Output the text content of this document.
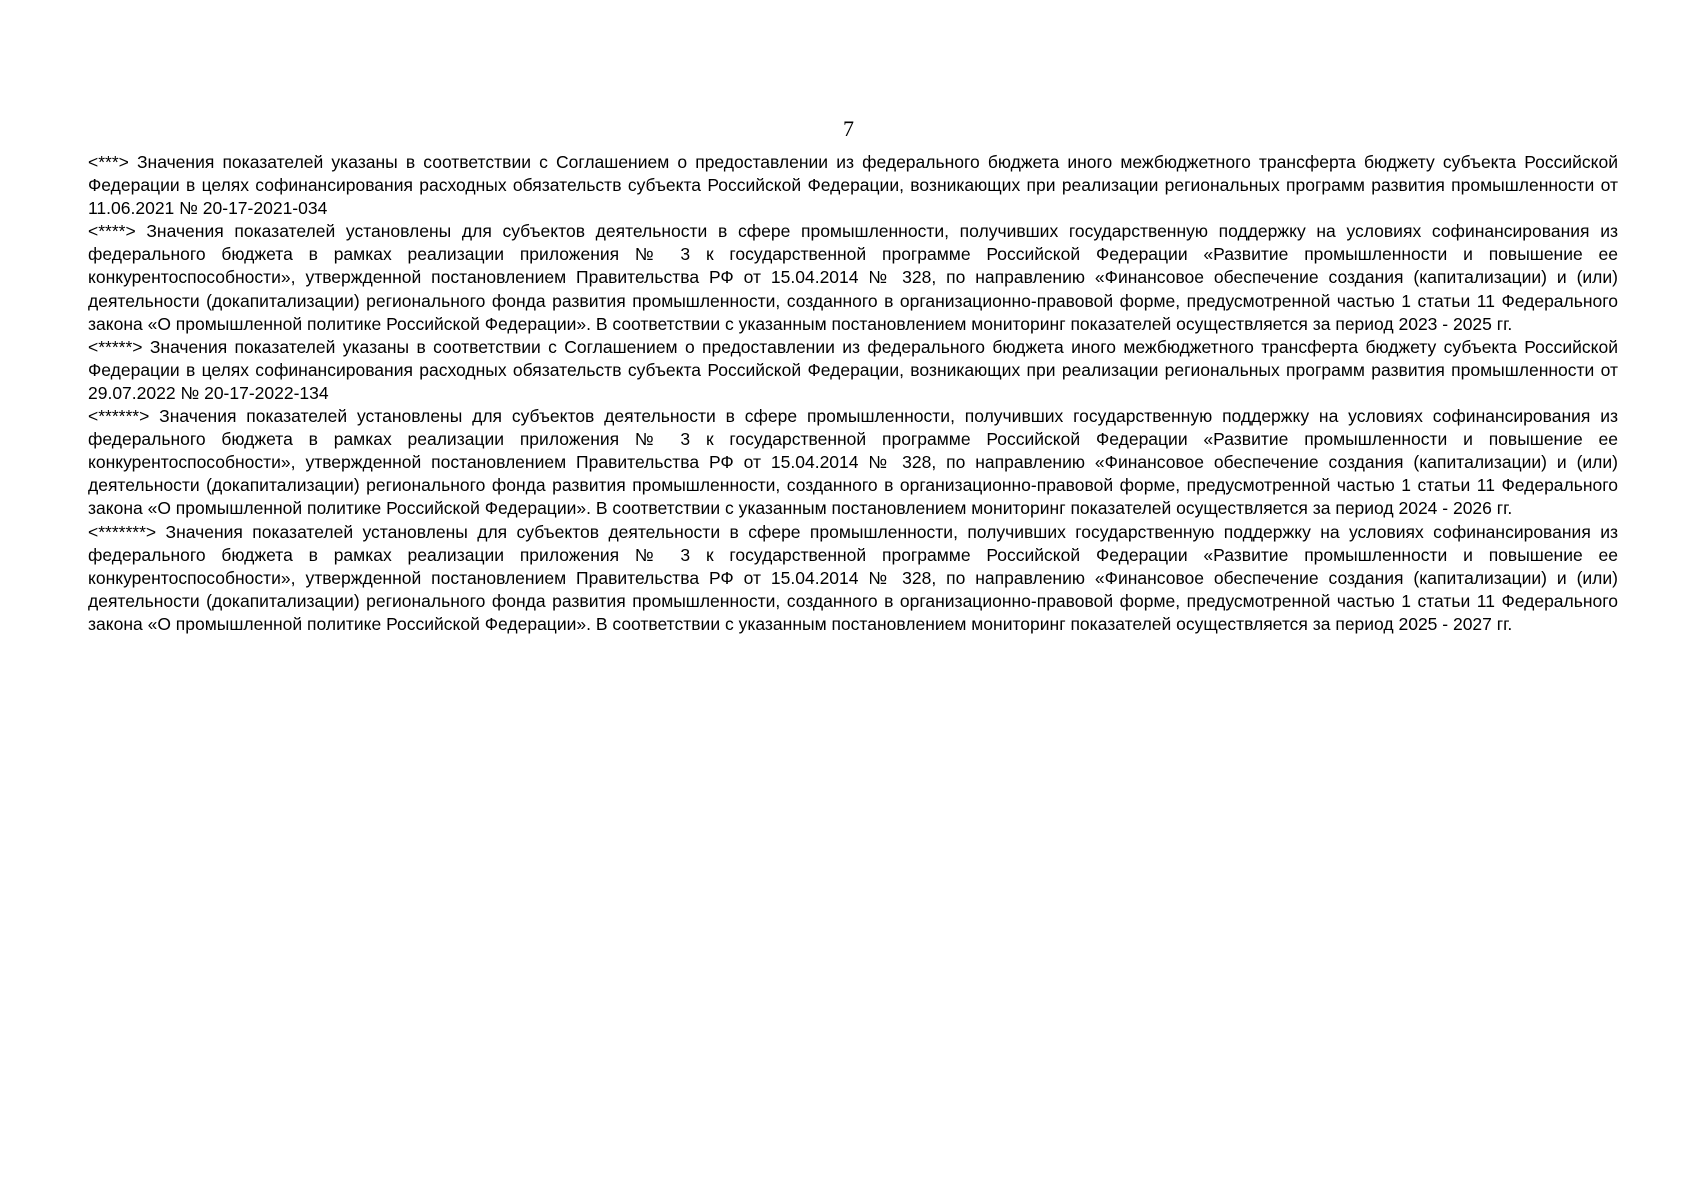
7

<***> Значения показателей указаны в соответствии с Соглашением о предоставлении из федерального бюджета иного межбюджетного трансферта бюджету субъекта Российской Федерации в целях софинансирования расходных обязательств субъекта Российской Федерации, возникающих при реализации региональных программ развития промышленности от 11.06.2021 № 20-17-2021-034

<****> Значения показателей установлены для субъектов деятельности в сфере промышленности, получивших государственную поддержку на условиях софинансирования из федерального бюджета в рамках реализации приложения № 3 к государственной программе Российской Федерации «Развитие промышленности и повышение ее конкурентоспособности», утвержденной постановлением Правительства РФ от 15.04.2014 № 328, по направлению «Финансовое обеспечение создания (капитализации) и (или) деятельности (докапитализации) регионального фонда развития промышленности, созданного в организационно-правовой форме, предусмотренной частью 1 статьи 11 Федерального закона «О промышленной политике Российской Федерации». В соответствии с указанным постановлением мониторинг показателей осуществляется за период 2023 - 2025 гг.

<*****> Значения показателей указаны в соответствии с Соглашением о предоставлении из федерального бюджета иного межбюджетного трансферта бюджету субъекта Российской Федерации в целях софинансирования расходных обязательств субъекта Российской Федерации, возникающих при реализации региональных программ развития промышленности от 29.07.2022 № 20-17-2022-134

<******> Значения показателей установлены для субъектов деятельности в сфере промышленности, получивших государственную поддержку на условиях софинансирования из федерального бюджета в рамках реализации приложения № 3 к государственной программе Российской Федерации «Развитие промышленности и повышение ее конкурентоспособности», утвержденной постановлением Правительства РФ от 15.04.2014 № 328, по направлению «Финансовое обеспечение создания (капитализации) и (или) деятельности (докапитализации) регионального фонда развития промышленности, созданного в организационно-правовой форме, предусмотренной частью 1 статьи 11 Федерального закона «О промышленной политике Российской Федерации». В соответствии с указанным постановлением мониторинг показателей осуществляется за период 2024 - 2026 гг.

<*******> Значения показателей установлены для субъектов деятельности в сфере промышленности, получивших государственную поддержку на условиях софинансирования из федерального бюджета в рамках реализации приложения № 3 к государственной программе Российской Федерации «Развитие промышленности и повышение ее конкурентоспособности», утвержденной постановлением Правительства РФ от 15.04.2014 № 328, по направлению «Финансовое обеспечение создания (капитализации) и (или) деятельности (докапитализации) регионального фонда развития промышленности, созданного в организационно-правовой форме, предусмотренной частью 1 статьи 11 Федерального закона «О промышленной политике Российской Федерации». В соответствии с указанным постановлением мониторинг показателей осуществляется за период 2025 - 2027 гг.
